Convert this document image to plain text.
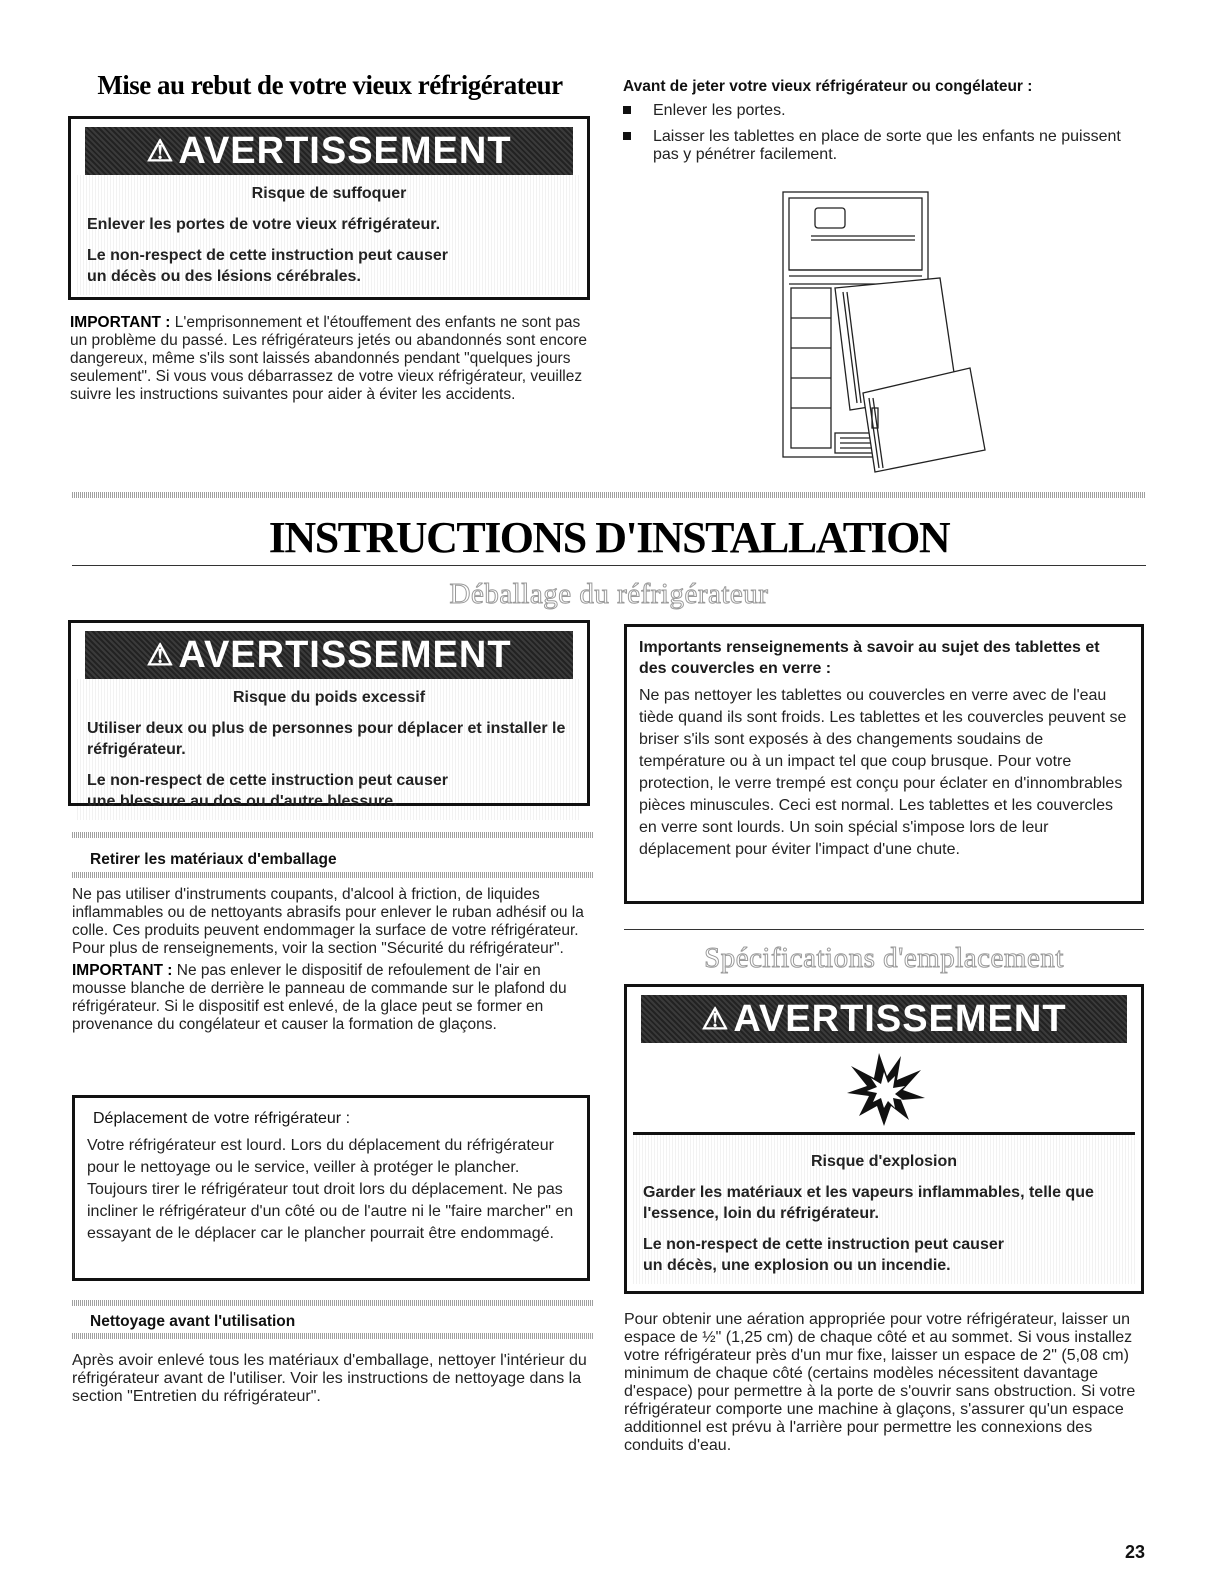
Mise au rebut de votre vieux réfrigérateur
⚠ AVERTISSEMENT

Risque de suffoquer

Enlever les portes de votre vieux réfrigérateur.

Le non-respect de cette instruction peut causer
un décès ou des lésions cérébrales.
IMPORTANT : L'emprisonnement et l'étouffement des enfants ne sont pas un problème du passé. Les réfrigérateurs jetés ou abandonnés sont encore dangereux, même s'ils sont laissés abandonnés pendant "quelques jours seulement". Si vous vous débarrassez de votre vieux réfrigérateur, veuillez suivre les instructions suivantes pour aider à éviter les accidents.
Avant de jeter votre vieux réfrigérateur ou congélateur :
Enlever les portes.
Laisser les tablettes en place de sorte que les enfants ne puissent pas y pénétrer facilement.
INSTRUCTIONS D'INSTALLATION
Déballage du réfrigérateur
⚠ AVERTISSEMENT

Risque du poids excessif

Utiliser deux ou plus de personnes pour déplacer et installer le réfrigérateur.

Le non-respect de cette instruction peut causer
une blessure au dos ou d'autre blessure.
Retirer les matériaux d'emballage
Ne pas utiliser d'instruments coupants, d'alcool à friction, de liquides inflammables ou de nettoyants abrasifs pour enlever le ruban adhésif ou la colle. Ces produits peuvent endommager la surface de votre réfrigérateur. Pour plus de renseignements, voir la section "Sécurité du réfrigérateur".
IMPORTANT : Ne pas enlever le dispositif de refoulement de l'air en mousse blanche de derrière le panneau de commande sur le plafond du réfrigérateur. Si le dispositif est enlevé, de la glace peut se former en provenance du congélateur et causer la formation de glaçons.
Déplacement de votre réfrigérateur :
Votre réfrigérateur est lourd. Lors du déplacement du réfrigérateur pour le nettoyage ou le service, veiller à protéger le plancher. Toujours tirer le réfrigérateur tout droit lors du déplacement. Ne pas incliner le réfrigérateur d'un côté ou de l'autre ni le "faire marcher" en essayant de le déplacer car le plancher pourrait être endommagé.
Nettoyage avant l'utilisation
Après avoir enlevé tous les matériaux d'emballage, nettoyer l'intérieur du réfrigérateur avant de l'utiliser. Voir les instructions de nettoyage dans la section "Entretien du réfrigérateur".
Importants renseignements à savoir au sujet des tablettes et des couvercles en verre :
Ne pas nettoyer les tablettes ou couvercles en verre avec de l'eau tiède quand ils sont froids. Les tablettes et les couvercles peuvent se briser s'ils sont exposés à des changements soudains de température ou à un impact tel que coup brusque. Pour votre protection, le verre trempé est conçu pour éclater en d'innombrables pièces minuscules. Ceci est normal. Les tablettes et les couvercles en verre sont lourds. Un soin spécial s'impose lors de leur déplacement pour éviter l'impact d'une chute.
Spécifications d'emplacement
⚠ AVERTISSEMENT

Risque d'explosion

Garder les matériaux et les vapeurs inflammables, telle que l'essence, loin du réfrigérateur.

Le non-respect de cette instruction peut causer
un décès, une explosion ou un incendie.
Pour obtenir une aération appropriée pour votre réfrigérateur, laisser un espace de ½" (1,25 cm) de chaque côté et au sommet. Si vous installez votre réfrigérateur près d'un mur fixe, laisser un espace de 2" (5,08 cm) minimum de chaque côté (certains modèles nécessitent davantage d'espace) pour permettre à la porte de s'ouvrir sans obstruction. Si votre réfrigérateur comporte une machine à glaçons, s'assurer qu'un espace additionnel est prévu à l'arrière pour permettre les connexions des conduits d'eau.
23
